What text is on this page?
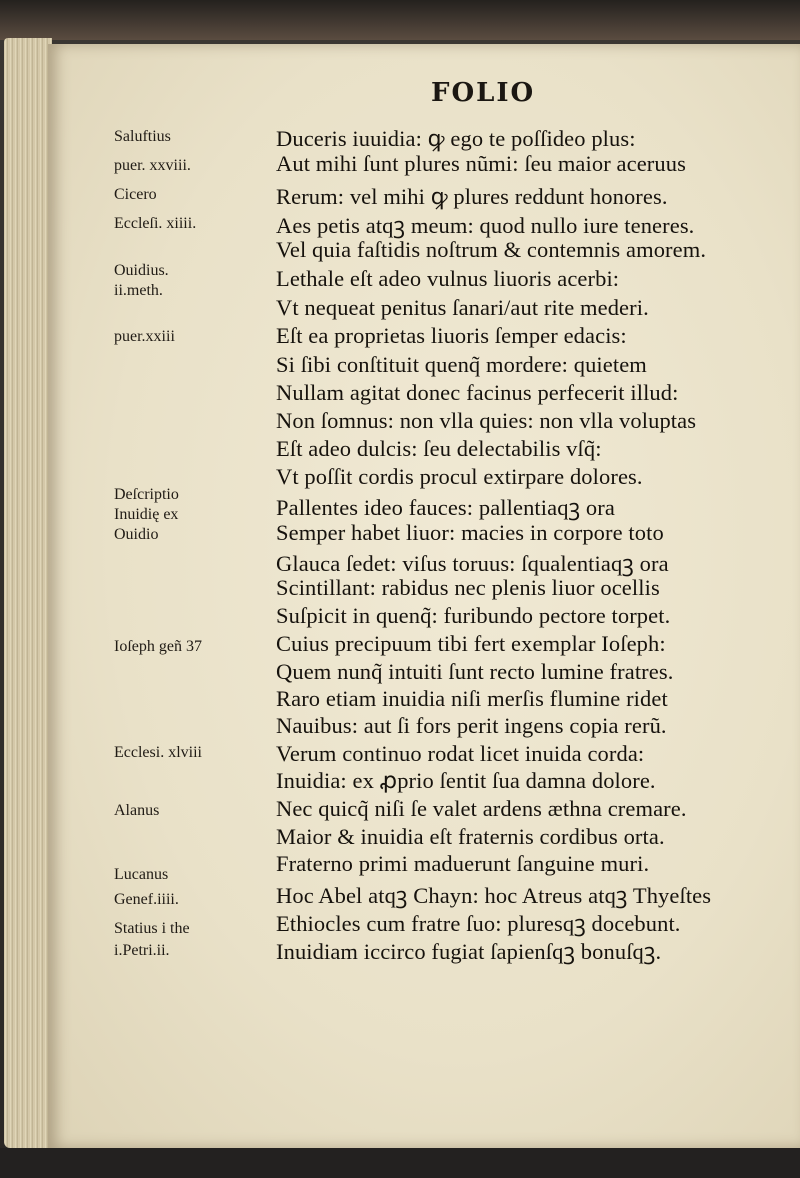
FOLIO
Saluftius
puer. xxviii.
Cicero
Eccleſi. xiiii.
Ouidius.
ii.meth.
puer.xxiii
Deſcriptio
Inuidię ex
Ouidio
Ioſeph geñ 37
Ecclesi. xlviii
Alanus
Lucanus
Genef.iiii.
Statius i the
i.Petri.ii.
Duceris iuuidia: ꝙ ego te poſſideo plus:
Aut mihi ſunt plures nũmi: ſeu maior aceruus
Rerum: vel mihi ꝙ plures reddunt honores.
Aes petis atqꝫ meum: quod nullo iure teneres.
Vel quia faſtidis noſtrum & contemnis amorem.
Lethale eſt adeo vulnus liuoris acerbi:
Vt nequeat penitus ſanari/aut rite mederi.
Eſt ea proprietas liuoris ſemper edacis:
Si ſibi conſtituit quenq̃ mordere: quietem
Nullam agitat donec facinus perfecerit illud:
Non ſomnus: non vlla quies: non vlla voluptas
Eſt adeo dulcis: ſeu delectabilis vſq̃:
Vt poſſit cordis procul extirpare dolores.
Pallentes ideo fauces: pallentiaqꝫ ora
Semper habet liuor: macies in corpore toto
Glauca ſedet: viſus toruus: ſqualentiaqꝫ ora
Scintillant: rabidus nec plenis liuor ocellis
Suſpicit in quenq̃: furibundo pectore torpet.
Cuius precipuum tibi fert exemplar Ioſeph:
Quem nunq̃ intuiti ſunt recto lumine fratres.
Raro etiam inuidia niſi merſis flumine ridet
Nauibus: aut ſi fors perit ingens copia rerũ.
Verum continuo rodat licet inuida corda:
Inuidia: ex ꝓprio ſentit ſua damna dolore.
Nec quicq̃ niſi ſe valet ardens æthna cremare.
Maior & inuidia eſt fraternis cordibus orta.
Fraterno primi maduerunt ſanguine muri.
Hoc Abel atqꝫ Chayn: hoc Atreus atqꝫ Thyeſtes
Ethiocles cum fratre ſuo: pluresqꝫ docebunt.
Inuidiam iccirco fugiat ſapienſqꝫ bonuſqꝫ.
